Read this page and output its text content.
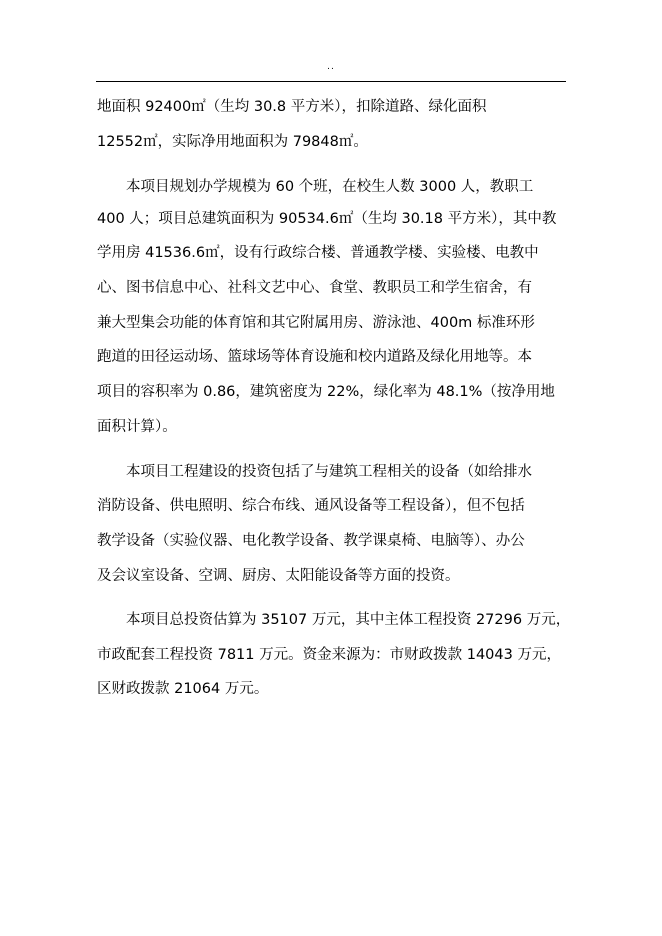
..
地面积 92400㎡（生均 30.8 平方米），扣除道路、绿化面积
12552㎡，实际净用地面积为 79848㎡。
本项目规划办学规模为 60 个班，在校生人数 3000 人，教职工
400 人；项目总建筑面积为 90534.6㎡（生均 30.18 平方米），其中教
学用房 41536.6㎡，设有行政综合楼、普通教学楼、实验楼、电教中
心、图书信息中心、社科文艺中心、食堂、教职员工和学生宿舍，有
兼大型集会功能的体育馆和其它附属用房、游泳池、400m 标准环形
跑道的田径运动场、篮球场等体育设施和校内道路及绿化用地等。本
项目的容积率为 0.86，建筑密度为 22%，绿化率为 48.1%（按净用地
面积计算）。
本项目工程建设的投资包括了与建筑工程相关的设备（如给排水
消防设备、供电照明、综合布线、通风设备等工程设备），但不包括
教学设备（实验仪器、电化教学设备、教学课桌椅、电脑等）、办公
及会议室设备、空调、厨房、太阳能设备等方面的投资。
本项目总投资估算为 35107 万元，其中主体工程投资 27296 万元，
市政配套工程投资 7811 万元。资金来源为：市财政拨款 14043 万元，
区财政拨款 21064 万元。
